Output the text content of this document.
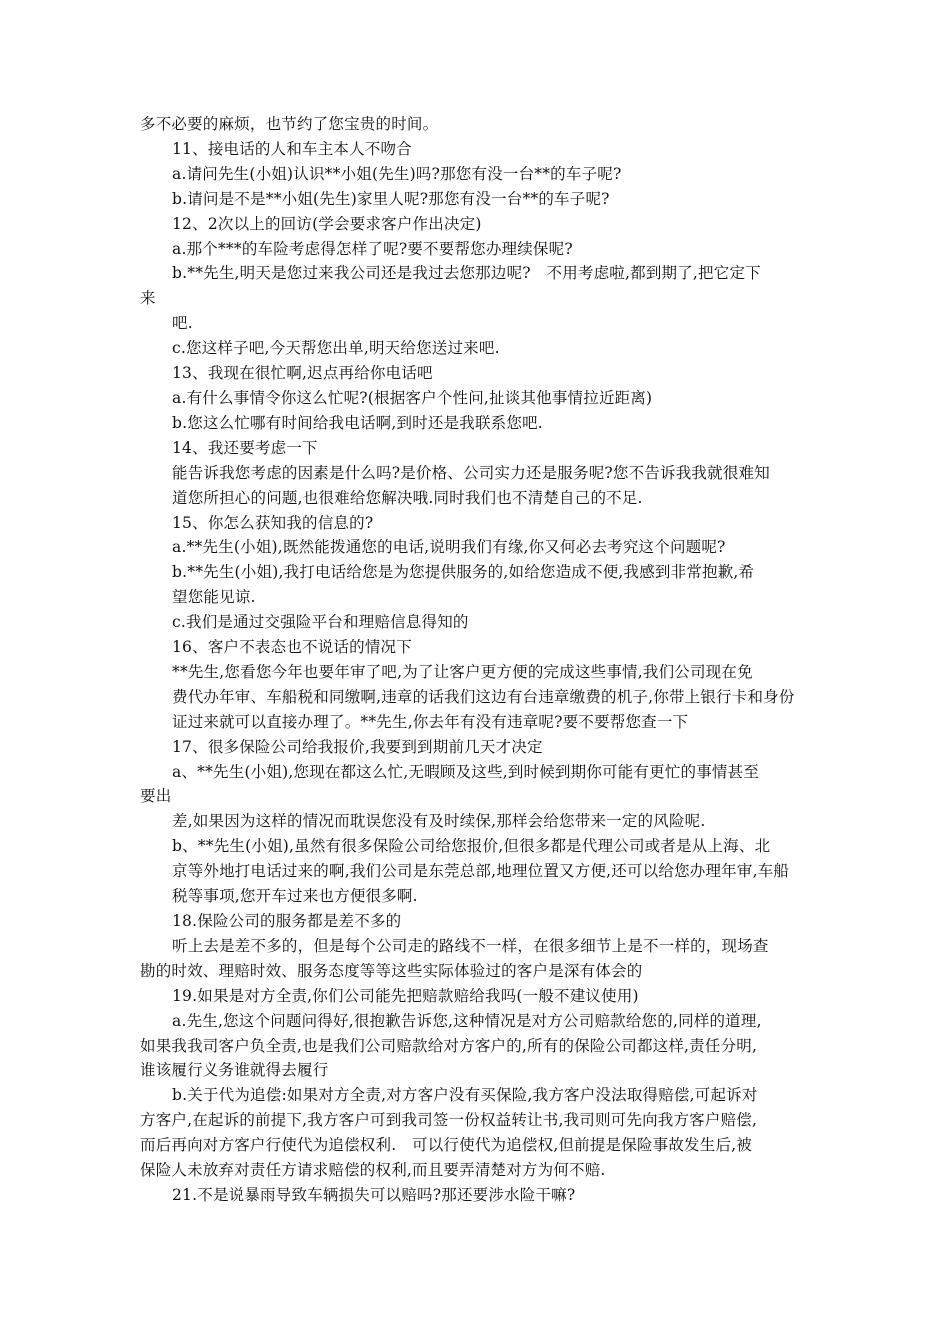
多不必要的麻烦，也节约了您宝贵的时间。

11、接电话的人和车主本人不吻合

a.请问先生(小姐)认识**小姐(先生)吗?那您有没一台**的车子呢?

b.请问是不是**小姐(先生)家里人呢?那您有没一台**的车子呢?

12、2次以上的回访(学会要求客户作出决定)

a.那个***的车险考虑得怎样了呢?要不要帮您办理续保呢?

b.**先生,明天是您过来我公司还是我过去您那边呢?　不用考虑啦,都到期了,把它定下

来

吧.

c.您这样子吧,今天帮您出单,明天给您送过来吧.

13、我现在很忙啊,迟点再给你电话吧

a.有什么事情令你这么忙呢?(根据客户个性问,扯谈其他事情拉近距离)

b.您这么忙哪有时间给我电话啊,到时还是我联系您吧.

14、我还要考虑一下

能告诉我您考虑的因素是什么吗?是价格、公司实力还是服务呢?您不告诉我我就很难知

道您所担心的问题,也很难给您解决哦.同时我们也不清楚自己的不足.

15、你怎么获知我的信息的?

a.**先生(小姐),既然能拨通您的电话,说明我们有缘,你又何必去考究这个问题呢?

b.**先生(小姐),我打电话给您是为您提供服务的,如给您造成不便,我感到非常抱歉,希

望您能见谅.

c.我们是通过交强险平台和理赔信息得知的

16、客户不表态也不说话的情况下

**先生,您看您今年也要年审了吧,为了让客户更方便的完成这些事情,我们公司现在免

费代办年审、车船税和同缴啊,违章的话我们这边有台违章缴费的机子,你带上银行卡和身份

证过来就可以直接办理了。**先生,你去年有没有违章呢?要不要帮您查一下

17、很多保险公司给我报价,我要到到期前几天才决定

a、**先生(小姐),您现在都这么忙,无暇顾及这些,到时候到期你可能有更忙的事情甚至

要出

差,如果因为这样的情况而耽误您没有及时续保,那样会给您带来一定的风险呢.

b、**先生(小姐),虽然有很多保险公司给您报价,但很多都是代理公司或者是从上海、北

京等外地打电话过来的啊,我们公司是东莞总部,地理位置又方便,还可以给您办理年审,车船

税等事项,您开车过来也方便很多啊.

18.保险公司的服务都是差不多的

听上去是差不多的，但是每个公司走的路线不一样，在很多细节上是不一样的，现场查

勘的时效、理赔时效、服务态度等等这些实际体验过的客户是深有体会的

19.如果是对方全责,你们公司能先把赔款赔给我吗(一般不建议使用)

a.先生,您这个问题问得好,很抱歉告诉您,这种情况是对方公司赔款给您的,同样的道理,

如果我我司客户负全责,也是我们公司赔款给对方客户的,所有的保险公司都这样,责任分明,

谁该履行义务谁就得去履行

b.关于代为追偿:如果对方全责,对方客户没有买保险,我方客户没法取得赔偿,可起诉对

方客户,在起诉的前提下,我方客户可到我司签一份权益转让书,我司则可先向我方客户赔偿,

而后再向对方客户行使代为追偿权利.　可以行使代为追偿权,但前提是保险事故发生后,被

保险人未放弃对责任方请求赔偿的权利,而且要弄清楚对方为何不赔.

21.不是说暴雨导致车辆损失可以赔吗?那还要涉水险干嘛?
